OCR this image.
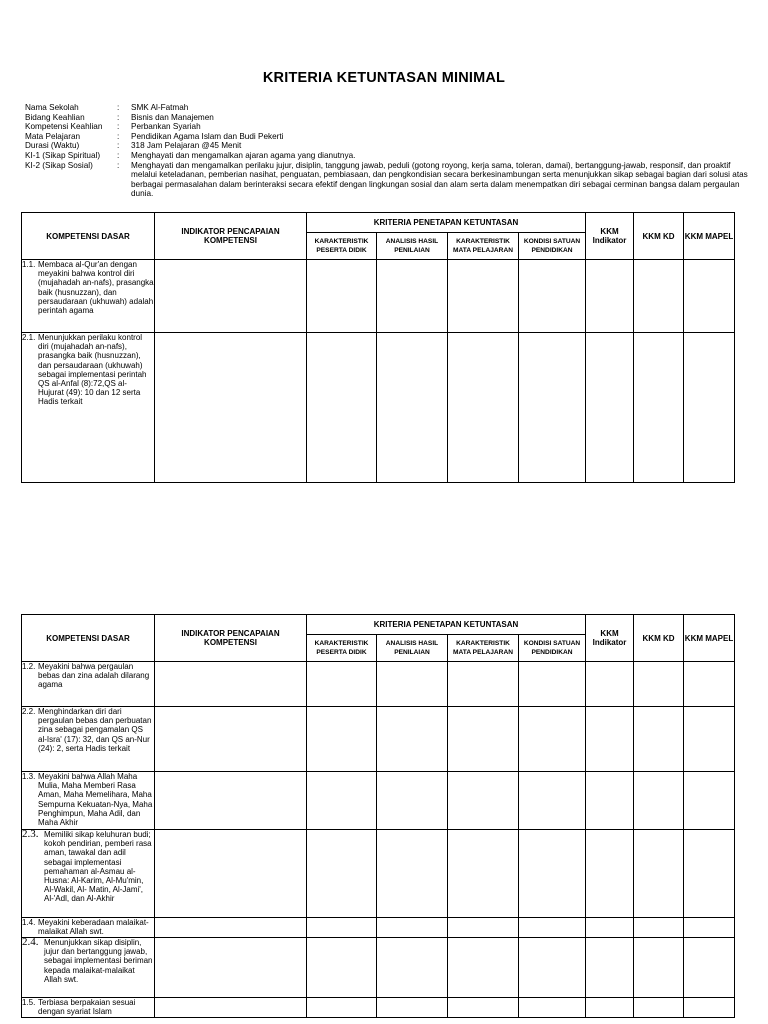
KRITERIA KETUNTASAN MINIMAL
Nama Sekolah	:	SMK Al-Fatmah
Bidang Keahlian	:	Bisnis dan Manajemen
Kompetensi Keahlian	:	Perbankan Syariah
Mata Pelajaran	:	Pendidikan Agama Islam dan Budi Pekerti
Durasi (Waktu)	:	318 Jam Pelajaran @45 Menit
KI-1 (Sikap Spiritual)	:	Menghayati dan mengamalkan ajaran agama yang dianutnya.
KI-2 (Sikap Sosial)	:	Menghayati dan mengamalkan perilaku jujur, disiplin, tanggung jawab, peduli (gotong royong, kerja sama, toleran, damai), bertanggung-jawab, responsif, dan proaktif melalui keteladanan, pemberian nasihat, penguatan, pembiasaan, dan pengkondisian secara berkesinambungan serta menunjukkan sikap sebagai bagian dari solusi atas berbagai permasalahan dalam berinteraksi secara efektif dengan lingkungan sosial dan alam serta dalam menempatkan diri sebagai cerminan bangsa dalam pergaulan dunia.
KOMPETENSI DASAR	INDIKATOR PENCAPAIAN KOMPETENSI	KRITERIA PENETAPAN KETUNTASAN				KKM Indikator	KKM KD	KKM MAPEL
		KARAKTERISTIK PESERTA DIDIK	ANALISIS HASIL PENILAIAN	KARAKTERISTIK MATA PELAJARAN	KONDISI SATUAN PENDIDIKAN			

1.1. Membaca al-Qur'an dengan meyakini bahwa kontrol diri (mujahadah an-nafs), prasangka baik (husnuzzan), dan persaudaraan (ukhuwah) adalah perintah agama								

2.1. Menunjukkan perilaku kontrol diri (mujahadah an-nafs), prasangka baik (husnuzzan), dan persaudaraan (ukhuwah) sebagai implementasi perintah QS al-Anfal (8):72,QS al- Hujurat (49): 10 dan 12 serta Hadis terkait								

KOMPETENSI DASAR	INDIKATOR PENCAPAIAN KOMPETENSI	KRITERIA PENETAPAN KETUNTASAN				KKM Indikator	KKM KD	KKM MAPEL
		KARAKTERISTIK PESERTA DIDIK	ANALISIS HASIL PENILAIAN	KARAKTERISTIK MATA PELAJARAN	KONDISI SATUAN PENDIDIKAN			

1.2. Meyakini bahwa pergaulan bebas dan zina adalah dilarang agama								

2.2. Menghindarkan diri dari pergaulan bebas dan perbuatan zina sebagai pengamalan QS al-Isra' (17): 32, dan QS an-Nur (24): 2, serta Hadis terkait								

1.3. Meyakini bahwa Allah Maha Mulia, Maha Memberi Rasa Aman, Maha Memelihara, Maha Sempurna Kekuatan-Nya, Maha Penghimpun, Maha Adil, dan Maha Akhir								

2.3. Memiliki sikap keluhuran budi; kokoh pendirian, pemberi rasa aman, tawakal dan adil sebagai implementasi pemahaman al-Asmau al- Husna: Al-Karim, Al-Mu'min, Al-Wakil, Al- Matin, Al-Jami', Al-'Adl, dan Al-Akhir								

1.4. Meyakini keberadaan malaikat-malaikat Allah swt.								

2.4. Menunjukkan sikap disiplin, jujur dan bertanggung jawab, sebagai implementasi beriman kepada malaikat-malaikat Allah swt.								

1.5. Terbiasa berpakaian sesuai dengan syariat Islam								
